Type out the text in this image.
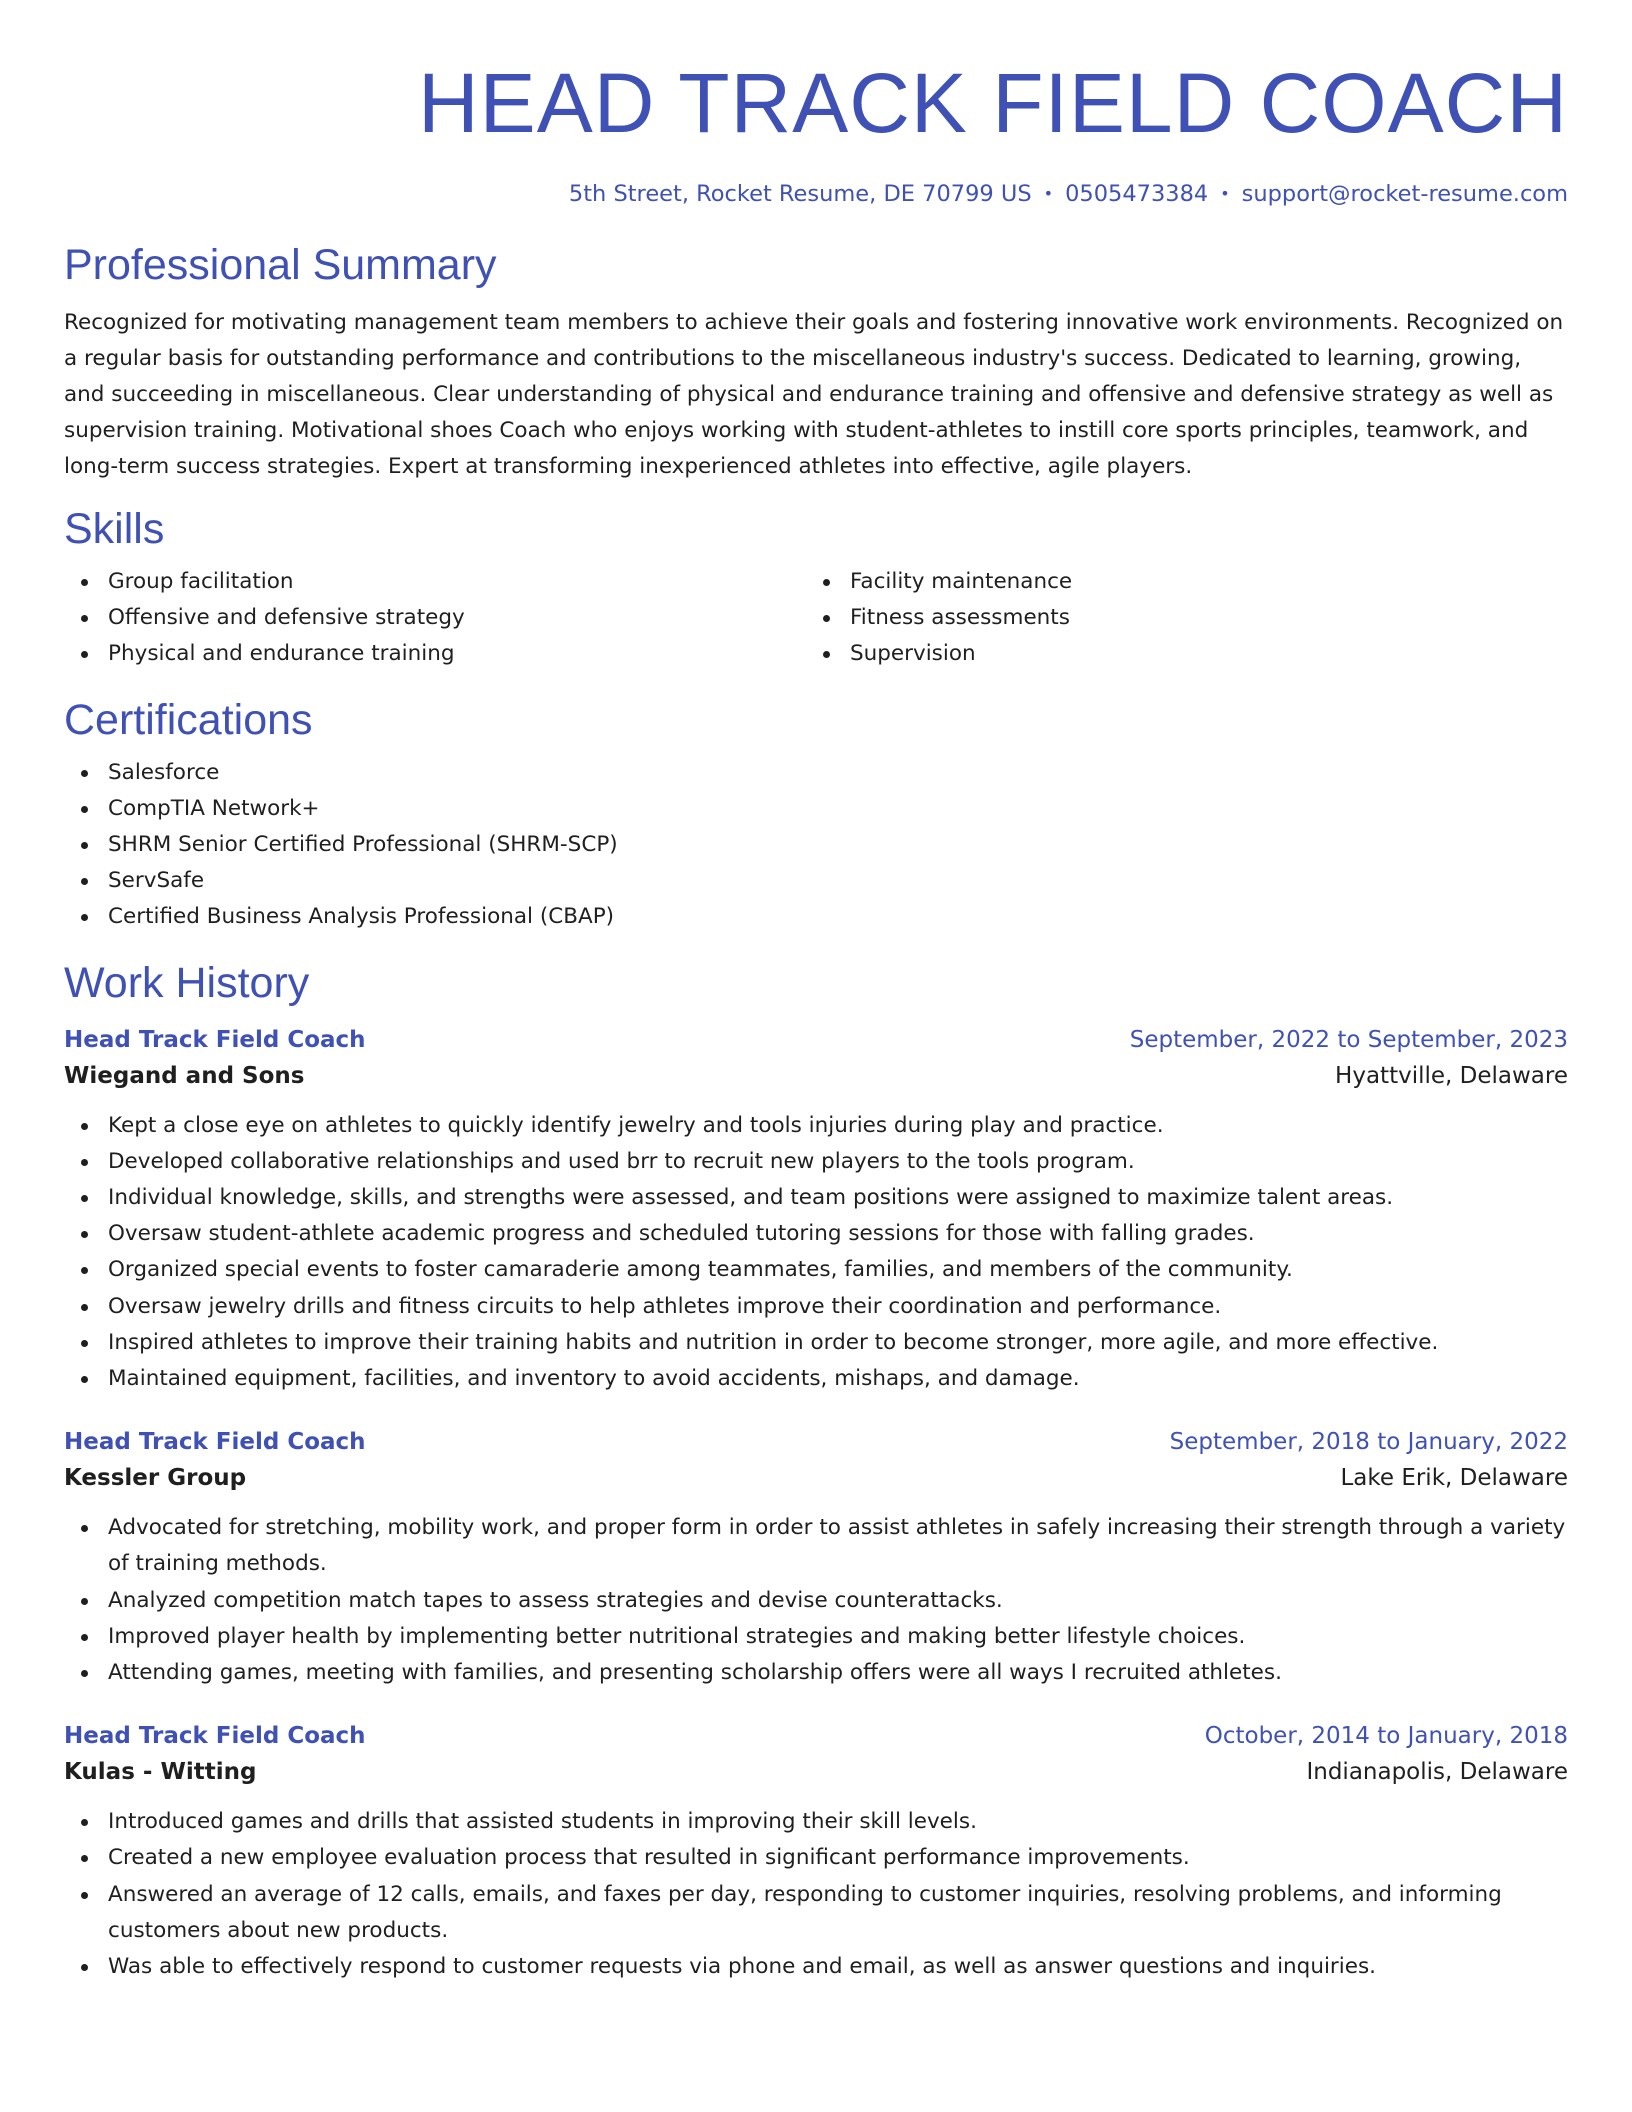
HEAD TRACK FIELD COACH
5th Street, Rocket Resume, DE 70799 US • 0505473384 • support@rocket-resume.com
Professional Summary

Recognized for motivating management team members to achieve their goals and fostering innovative work environments. Recognized on a regular basis for outstanding performance and contributions to the miscellaneous industry's success. Dedicated to learning, growing, and succeeding in miscellaneous. Clear understanding of physical and endurance training and offensive and defensive strategy as well as supervision training. Motivational shoes Coach who enjoys working with student-athletes to instill core sports principles, teamwork, and long-term success strategies. Expert at transforming inexperienced athletes into effective, agile players.

Skills
Group facilitation
Offensive and defensive strategy
Physical and endurance training
Facility maintenance
Fitness assessments
Supervision
Certifications
Salesforce
CompTIA Network+
SHRM Senior Certified Professional (SHRM-SCP)
ServSafe
Certified Business Analysis Professional (CBAP)
Work History
Head Track Field Coach	September, 2022 to September, 2023
Wiegand and Sons	Hyattville, Delaware
Kept a close eye on athletes to quickly identify jewelry and tools injuries during play and practice.
Developed collaborative relationships and used brr to recruit new players to the tools program.
Individual knowledge, skills, and strengths were assessed, and team positions were assigned to maximize talent areas.
Oversaw student-athlete academic progress and scheduled tutoring sessions for those with falling grades.
Organized special events to foster camaraderie among teammates, families, and members of the community.
Oversaw jewelry drills and fitness circuits to help athletes improve their coordination and performance.
Inspired athletes to improve their training habits and nutrition in order to become stronger, more agile, and more effective.
Maintained equipment, facilities, and inventory to avoid accidents, mishaps, and damage.
Head Track Field Coach	September, 2018 to January, 2022
Kessler Group	Lake Erik, Delaware
Advocated for stretching, mobility work, and proper form in order to assist athletes in safely increasing their strength through a variety of training methods.
Analyzed competition match tapes to assess strategies and devise counterattacks.
Improved player health by implementing better nutritional strategies and making better lifestyle choices.
Attending games, meeting with families, and presenting scholarship offers were all ways I recruited athletes.
Head Track Field Coach	October, 2014 to January, 2018
Kulas - Witting	Indianapolis, Delaware
Introduced games and drills that assisted students in improving their skill levels.
Created a new employee evaluation process that resulted in significant performance improvements.
Answered an average of 12 calls, emails, and faxes per day, responding to customer inquiries, resolving problems, and informing customers about new products.
Was able to effectively respond to customer requests via phone and email, as well as answer questions and inquiries.
